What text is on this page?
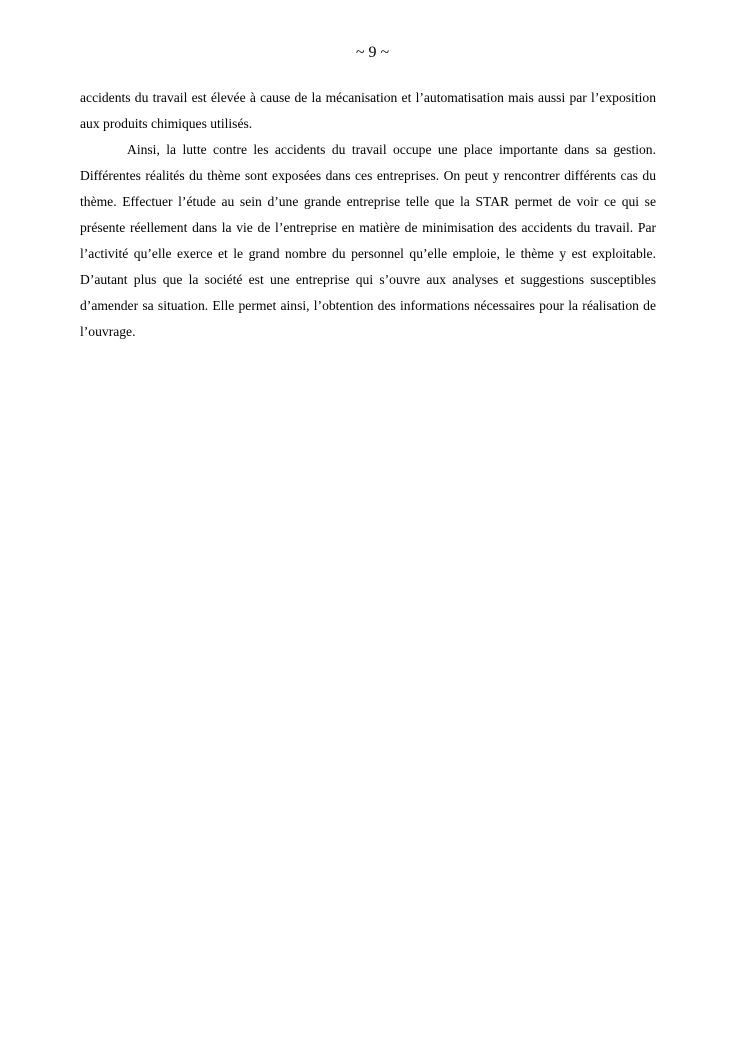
~ 9 ~

accidents du travail est élevée à cause de la mécanisation et l’automatisation mais aussi par l’exposition aux produits chimiques utilisés.

Ainsi, la lutte contre les accidents du travail occupe une place importante dans sa gestion. Différentes réalités du thème sont exposées dans ces entreprises. On peut y rencontrer différents cas du thème. Effectuer l’étude au sein d’une grande entreprise telle que la STAR permet de voir ce qui se présente réellement dans la vie de l’entreprise en matière de minimisation des accidents du travail. Par l’activité qu’elle exerce et le grand nombre du personnel qu’elle emploie, le thème y est exploitable. D’autant plus que la société est une entreprise qui s’ouvre aux analyses et suggestions susceptibles d’amender sa situation. Elle permet ainsi, l’obtention des informations nécessaires pour la réalisation de l’ouvrage.
